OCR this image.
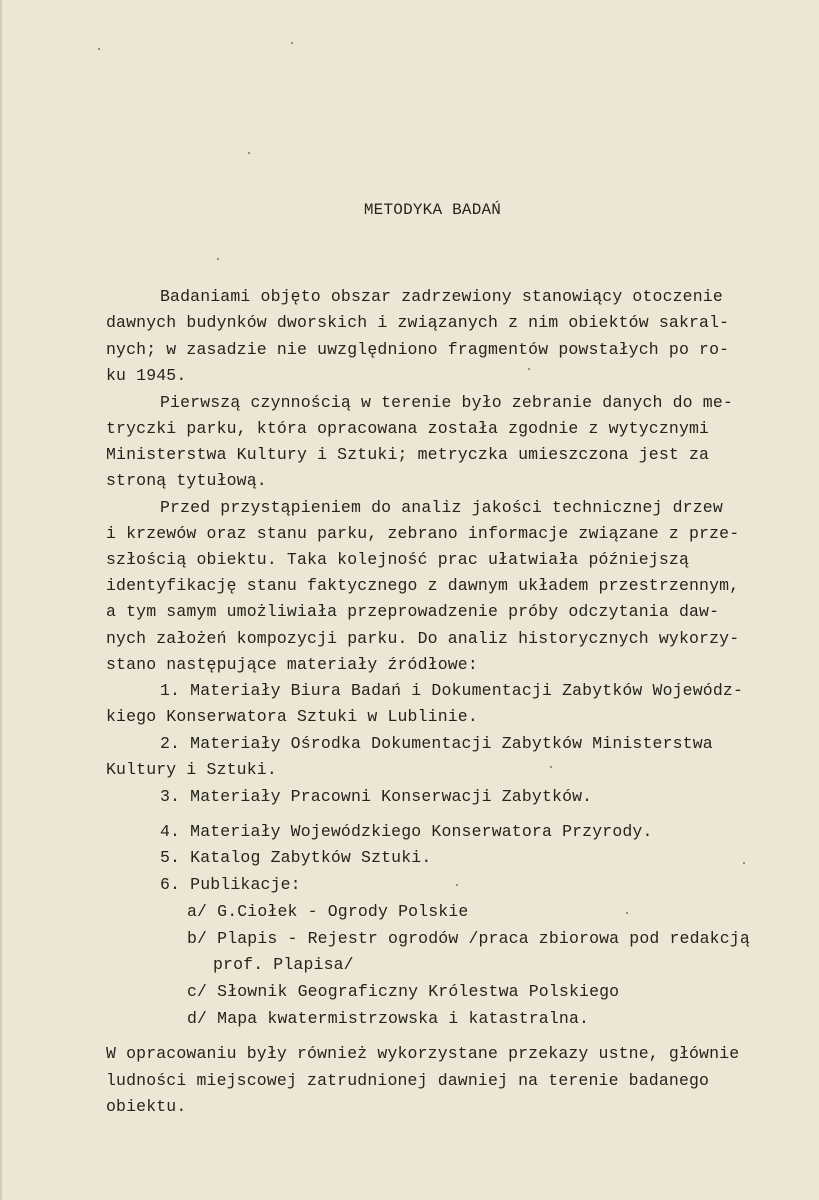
METODYKA BADAŃ
Badaniami objęto obszar zadrzewiony stanowiący otoczenie
dawnych budynków dworskich i związanych z nim obiektów sakral-
nych; w zasadzie nie uwzględniono fragmentów powstałych po ro-
ku 1945.
Pierwszą czynnością w terenie było zebranie danych do me-
tryczki parku, która opracowana została zgodnie z wytycznymi
Ministerstwa Kultury i Sztuki; metryczka umieszczona jest za
stroną tytułową.
Przed przystąpieniem do analiz jakości technicznej drzew
i krzewów oraz stanu parku, zebrano informacje związane z prze-
szłością obiektu. Taka kolejność prac ułatwiała późniejszą
identyfikację stanu faktycznego z dawnym układem przestrzennym,
a tym samym umożliwiała przeprowadzenie próby odczytania daw-
nych założeń kompozycji parku. Do analiz historycznych wykorzy-
stano następujące materiały źródłowe:
1. Materiały Biura Badań i Dokumentacji Zabytków Wojewódz-
kiego Konserwatora Sztuki w Lublinie.
2. Materiały Ośrodka Dokumentacji Zabytków Ministerstwa
Kultury i Sztuki.
3. Materiały Pracowni Konserwacji Zabytków.
4. Materiały Wojewódzkiego Konserwatora Przyrody.
5. Katalog Zabytków Sztuki.
6. Publikacje:
a/ G.Ciołek - Ogrody Polskie
b/ Plapis - Rejestr ogrodów /praca zbiorowa pod redakcją
prof. Plapisa/
c/ Słownik Geograficzny Królestwa Polskiego
d/ Mapa kwatermistrzowska i katastralna.
W opracowaniu były również wykorzystane przekazy ustne, głównie
ludności miejscowej zatrudnionej dawniej na terenie badanego
obiektu.
